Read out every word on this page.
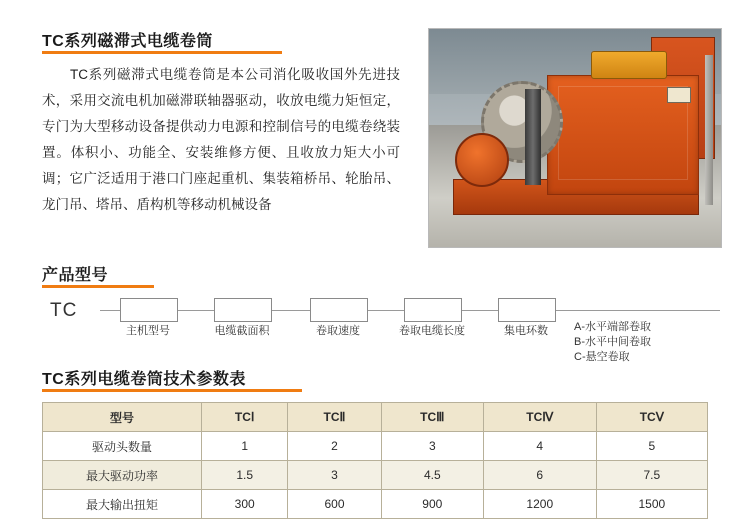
TC系列磁滞式电缆卷筒
TC系列磁滞式电缆卷筒是本公司消化吸收国外先进技术，采用交流电机加磁滞联轴器驱动，收放电缆力矩恒定，专门为大型移动设备提供动力电源和控制信号的电缆卷绕装置。体积小、功能全、安装维修方便、且收放力矩大小可调；它广泛适用于港口门座起重机、集装箱桥吊、轮胎吊、龙门吊、塔吊、盾构机等移动机械设备
产品型号
TC
主机型号	电缆截面积	卷取速度	卷取电缆长度	集电环数	A-水平端部卷取
B-水平中间卷取
C-悬空卷取
TC系列电缆卷筒技术参数表
型号	TCⅠ	TCⅡ	TCⅢ	TCⅣ	TCⅤ
驱动头数量	1	2	3	4	5
最大驱动功率	1.5	3	4.5	6	7.5
最大输出扭矩	300	600	900	1200	1500
